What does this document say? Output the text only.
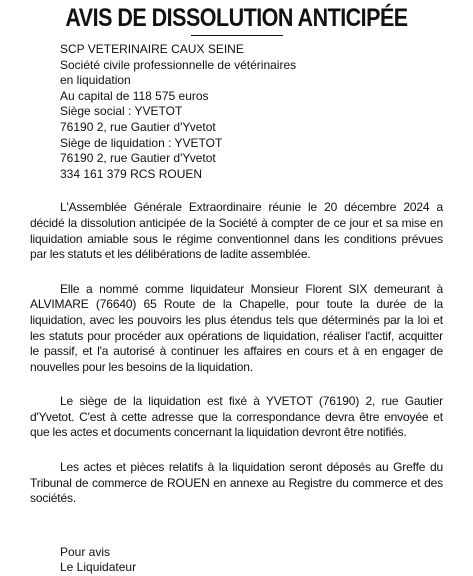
AVIS DE DISSOLUTION ANTICIPÉE
SCP VETERINAIRE CAUX SEINE
Société civile professionnelle de vétérinaires
en liquidation
Au capital de 118 575 euros
Siège social : YVETOT
76190 2, rue Gautier d'Yvetot
Siège de liquidation : YVETOT
76190 2, rue Gautier d'Yvetot
334 161 379 RCS ROUEN

L'Assemblée Générale Extraordinaire réunie le 20 décembre 2024 a décidé la dissolution anticipée de la Société à compter de ce jour et sa mise en liquidation amiable sous le régime conventionnel dans les conditions prévues par les statuts et les délibérations de ladite assemblée.

Elle a nommé comme liquidateur Monsieur Florent SIX demeurant à ALVIMARE (76640) 65 Route de la Chapelle, pour toute la durée de la liquidation, avec les pouvoirs les plus étendus tels que déterminés par la loi et les statuts pour procéder aux opérations de liquidation, réaliser l'actif, acquitter le passif, et l'a autorisé à continuer les affaires en cours et à en engager de nouvelles pour les besoins de la liquidation.

Le siège de la liquidation est fixé à YVETOT (76190) 2, rue Gautier d'Yvetot. C'est à cette adresse que la correspondance devra être envoyée et que les actes et documents concernant la liquidation devront être notifiés.

Les actes et pièces relatifs à la liquidation seront déposés au Greffe du Tribunal de commerce de ROUEN en annexe au Registre du commerce et des sociétés.

Pour avis
Le Liquidateur
